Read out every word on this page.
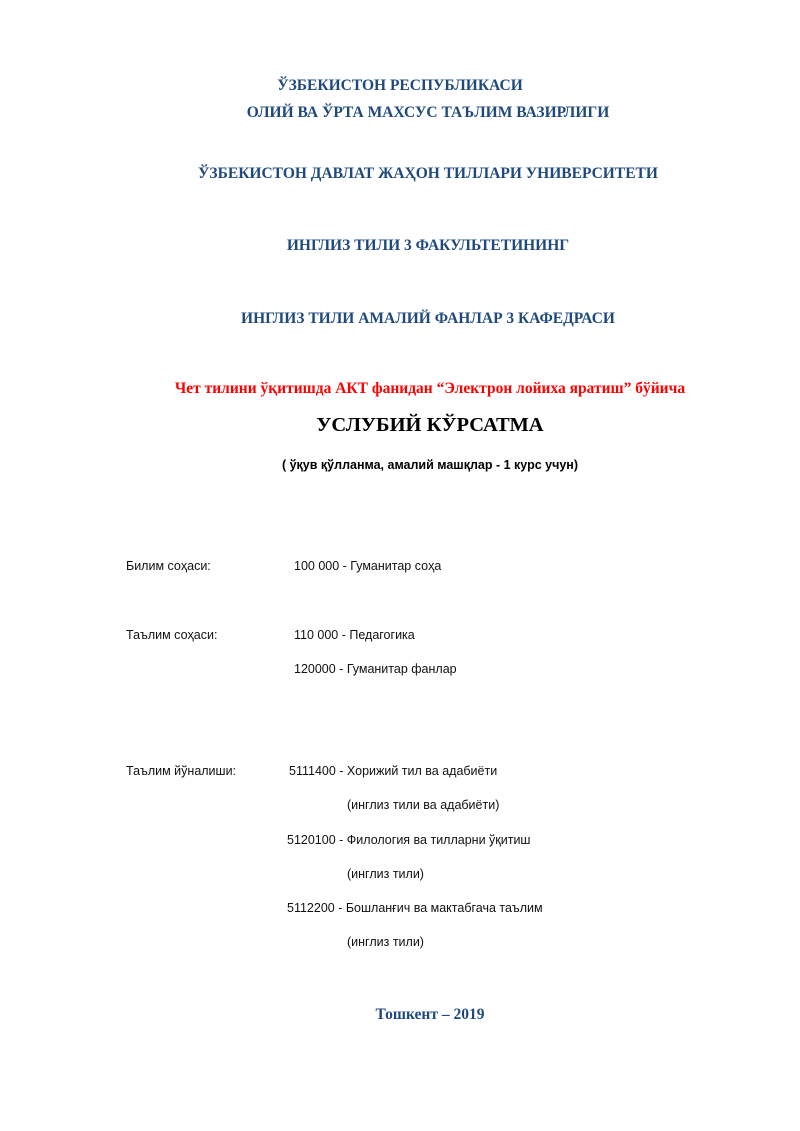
ЎЗБЕКИСТОН РЕСПУБЛИКАСИ
ОЛИЙ ВА ЎРТА МАХСУС ТАЪЛИМ ВАЗИРЛИГИ
ЎЗБЕКИСТОН ДАВЛАТ ЖАҲОН ТИЛЛАРИ УНИВЕРСИТЕТИ
ИНГЛИЗ ТИЛИ 3 ФАКУЛЬТЕТИНИНГ
ИНГЛИЗ ТИЛИ АМАЛИЙ ФАНЛАР 3 КАФЕДРАСИ
Чет тилини ўқитишда АКТ фанидан “Электрон лойиха яратиш” бўйича
УСЛУБИЙ КЎРСАТМА
( ўқув қўлланма, амалий машқлар - 1 курс учун)
Билим соҳаси:	100 000 - Гуманитар соҳа
Таълим соҳаси:	110 000 - Педагогика
120000 - Гуманитар фанлар
Таълим йўналиши:	5111400 - Хорижий тил ва адабиёти
(инглиз тили ва адабиёти)
5120100 - Филология ва тилларни ўқитиш
(инглиз тили)
5112200 - Бошланғич ва мактабгача таълим
(инглиз тили)
Тошкент – 2019
